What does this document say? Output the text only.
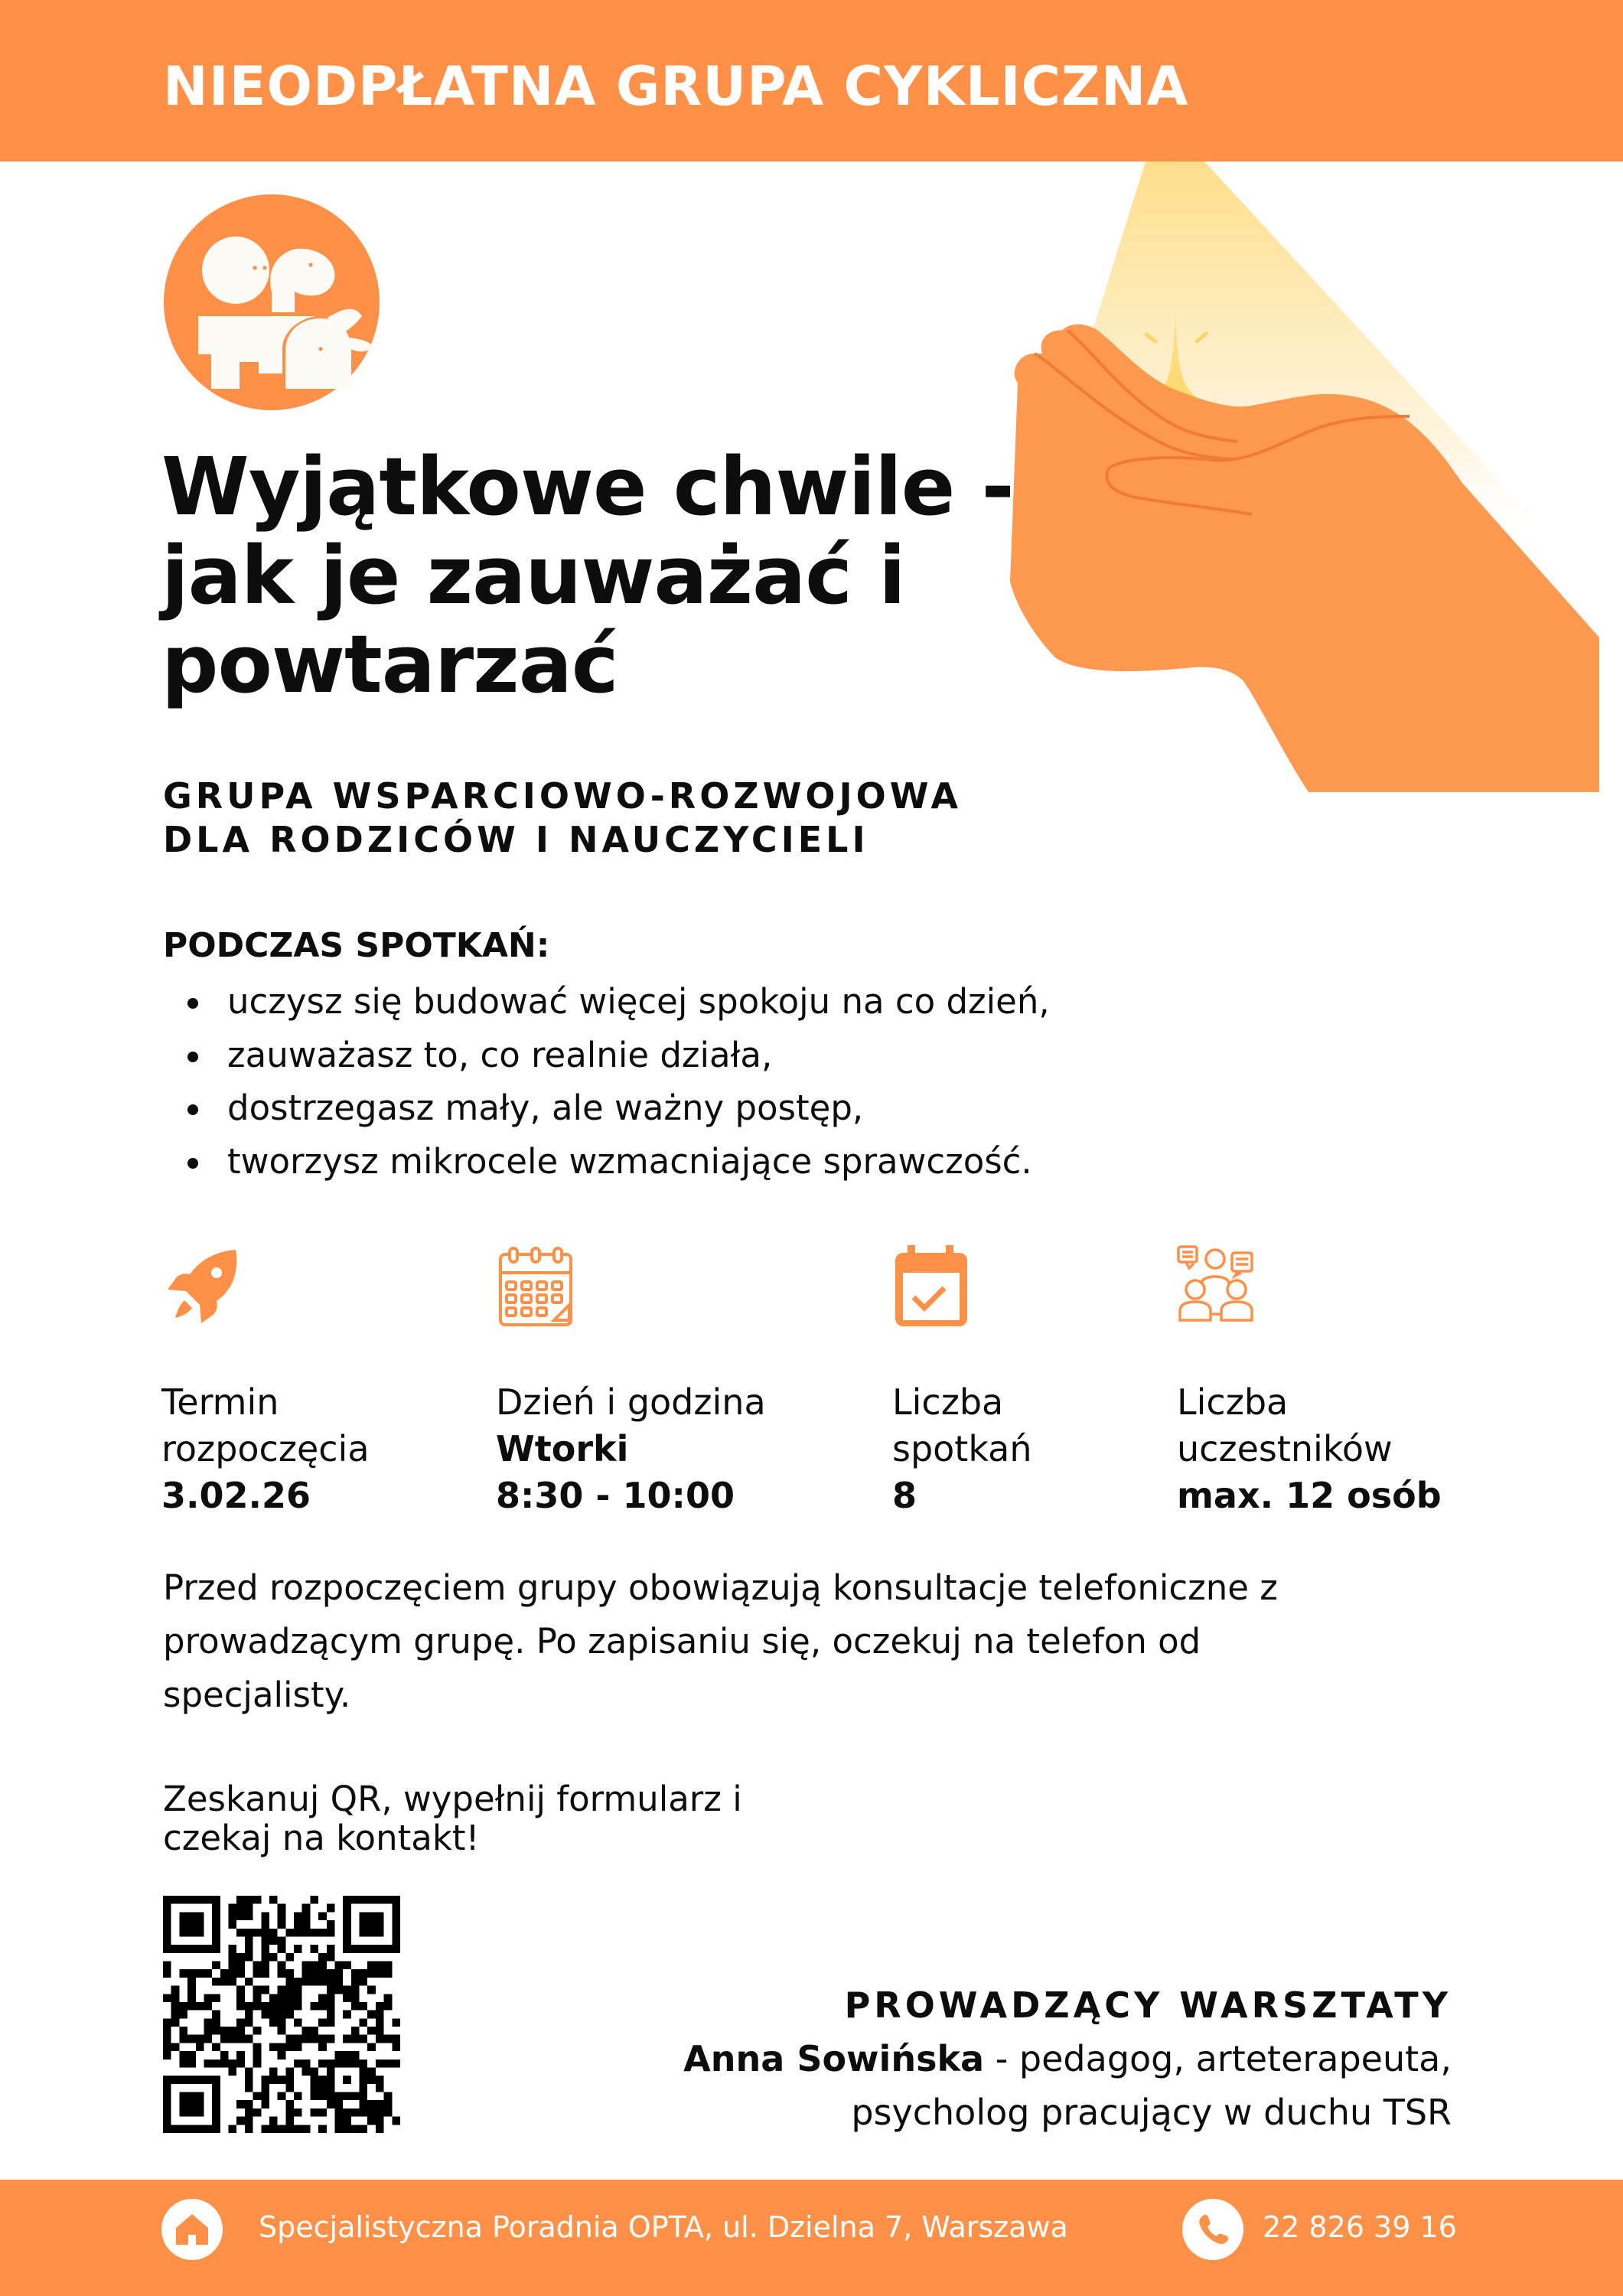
NIEODPŁATNA GRUPA CYKLICZNA
Wyjątkowe chwile -
jak je zauważać i
powtarzać
GRUPA WSPARCIOWO-ROZWOJOWA
DLA RODZICÓW I NAUCZYCIELI
PODCZAS SPOTKAŃ:
uczysz się budować więcej spokoju na co dzień,
zauważasz to, co realnie działa,
dostrzegasz mały, ale ważny postęp,
tworzysz mikrocele wzmacniające sprawczość.
Termin
rozpoczęcia
3.02.26
Dzień i godzina
Wtorki
8:30 - 10:00
Liczba
spotkań
8
Liczba
uczestników
max. 12 osób
Przed rozpoczęciem grupy obowiązują konsultacje telefoniczne z
prowadzącym grupę. Po zapisaniu się, oczekuj na telefon od
specjalisty.
Zeskanuj QR, wypełnij formularz i
czekaj na kontakt!
PROWADZĄCY WARSZTATY
Anna Sowińska - pedagog, arteterapeuta,
psycholog pracujący w duchu TSR
Specjalistyczna Poradnia OPTA, ul. Dzielna 7, Warszawa	22 826 39 16
